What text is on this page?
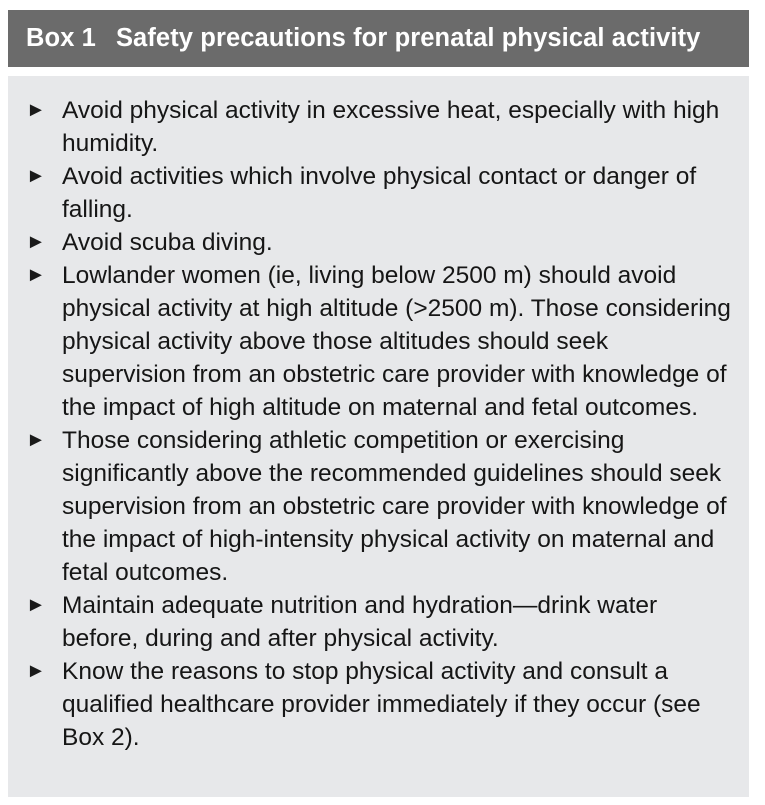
Box 1 Safety precautions for prenatal physical activity
► Avoid physical activity in excessive heat, especially with high humidity.
► Avoid activities which involve physical contact or danger of falling.
► Avoid scuba diving.
► Lowlander women (ie, living below 2500 m) should avoid physical activity at high altitude (>2500 m). Those considering physical activity above those altitudes should seek supervision from an obstetric care provider with knowledge of the impact of high altitude on maternal and fetal outcomes.
► Those considering athletic competition or exercising significantly above the recommended guidelines should seek supervision from an obstetric care provider with knowledge of the impact of high-intensity physical activity on maternal and fetal outcomes.
► Maintain adequate nutrition and hydration—drink water before, during and after physical activity.
► Know the reasons to stop physical activity and consult a qualified healthcare provider immediately if they occur (see Box 2).
